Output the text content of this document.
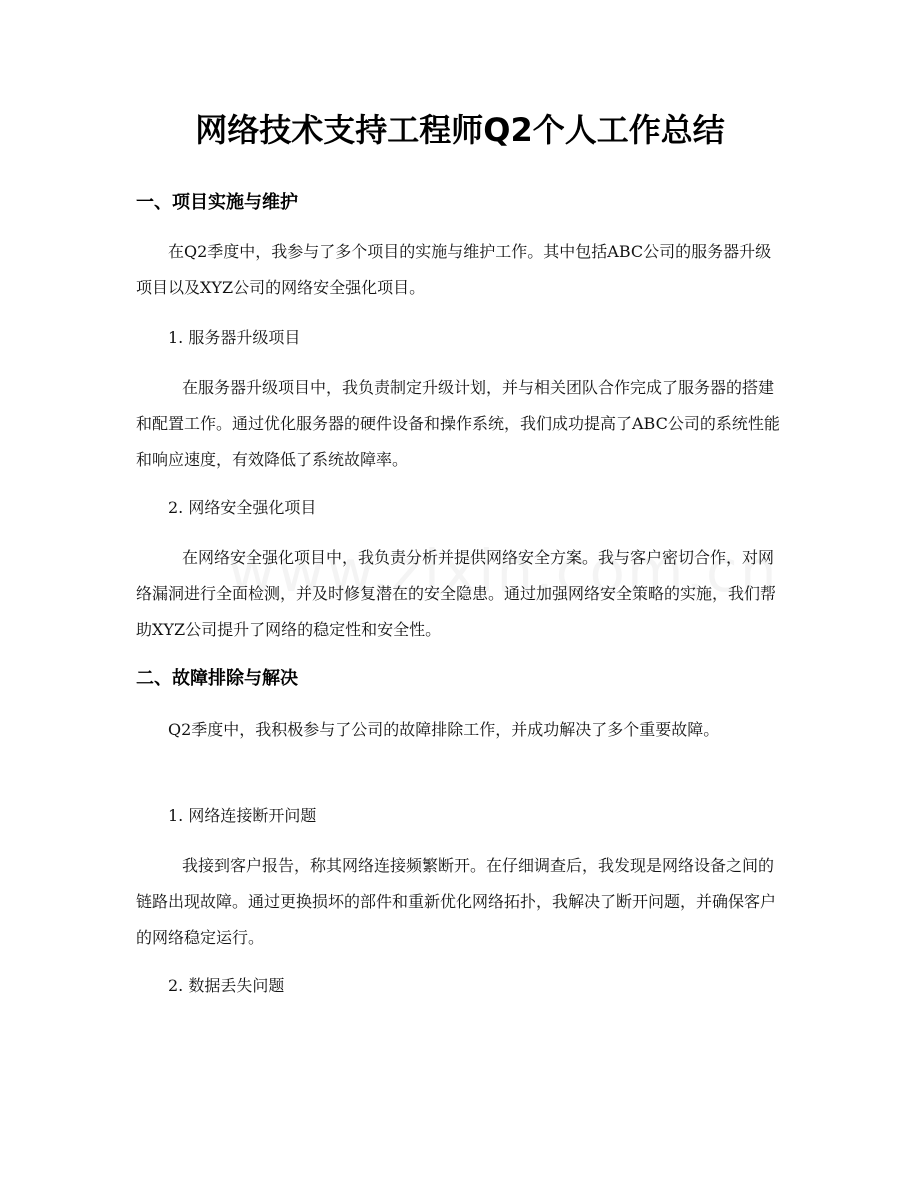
网络技术支持工程师Q2个人工作总结
一、项目实施与维护

在Q2季度中，我参与了多个项目的实施与维护工作。其中包括ABC公司的服务器升级项目以及XYZ公司的网络安全强化项目。

1. 服务器升级项目

在服务器升级项目中，我负责制定升级计划，并与相关团队合作完成了服务器的搭建和配置工作。通过优化服务器的硬件设备和操作系统，我们成功提高了ABC公司的系统性能和响应速度，有效降低了系统故障率。

2. 网络安全强化项目

在网络安全强化项目中，我负责分析并提供网络安全方案。我与客户密切合作，对网络漏洞进行全面检测，并及时修复潜在的安全隐患。通过加强网络安全策略的实施，我们帮助XYZ公司提升了网络的稳定性和安全性。

二、故障排除与解决

Q2季度中，我积极参与了公司的故障排除工作，并成功解决了多个重要故障。

1. 网络连接断开问题

我接到客户报告，称其网络连接频繁断开。在仔细调查后，我发现是网络设备之间的链路出现故障。通过更换损坏的部件和重新优化网络拓扑，我解决了断开问题，并确保客户的网络稳定运行。

2. 数据丢失问题
